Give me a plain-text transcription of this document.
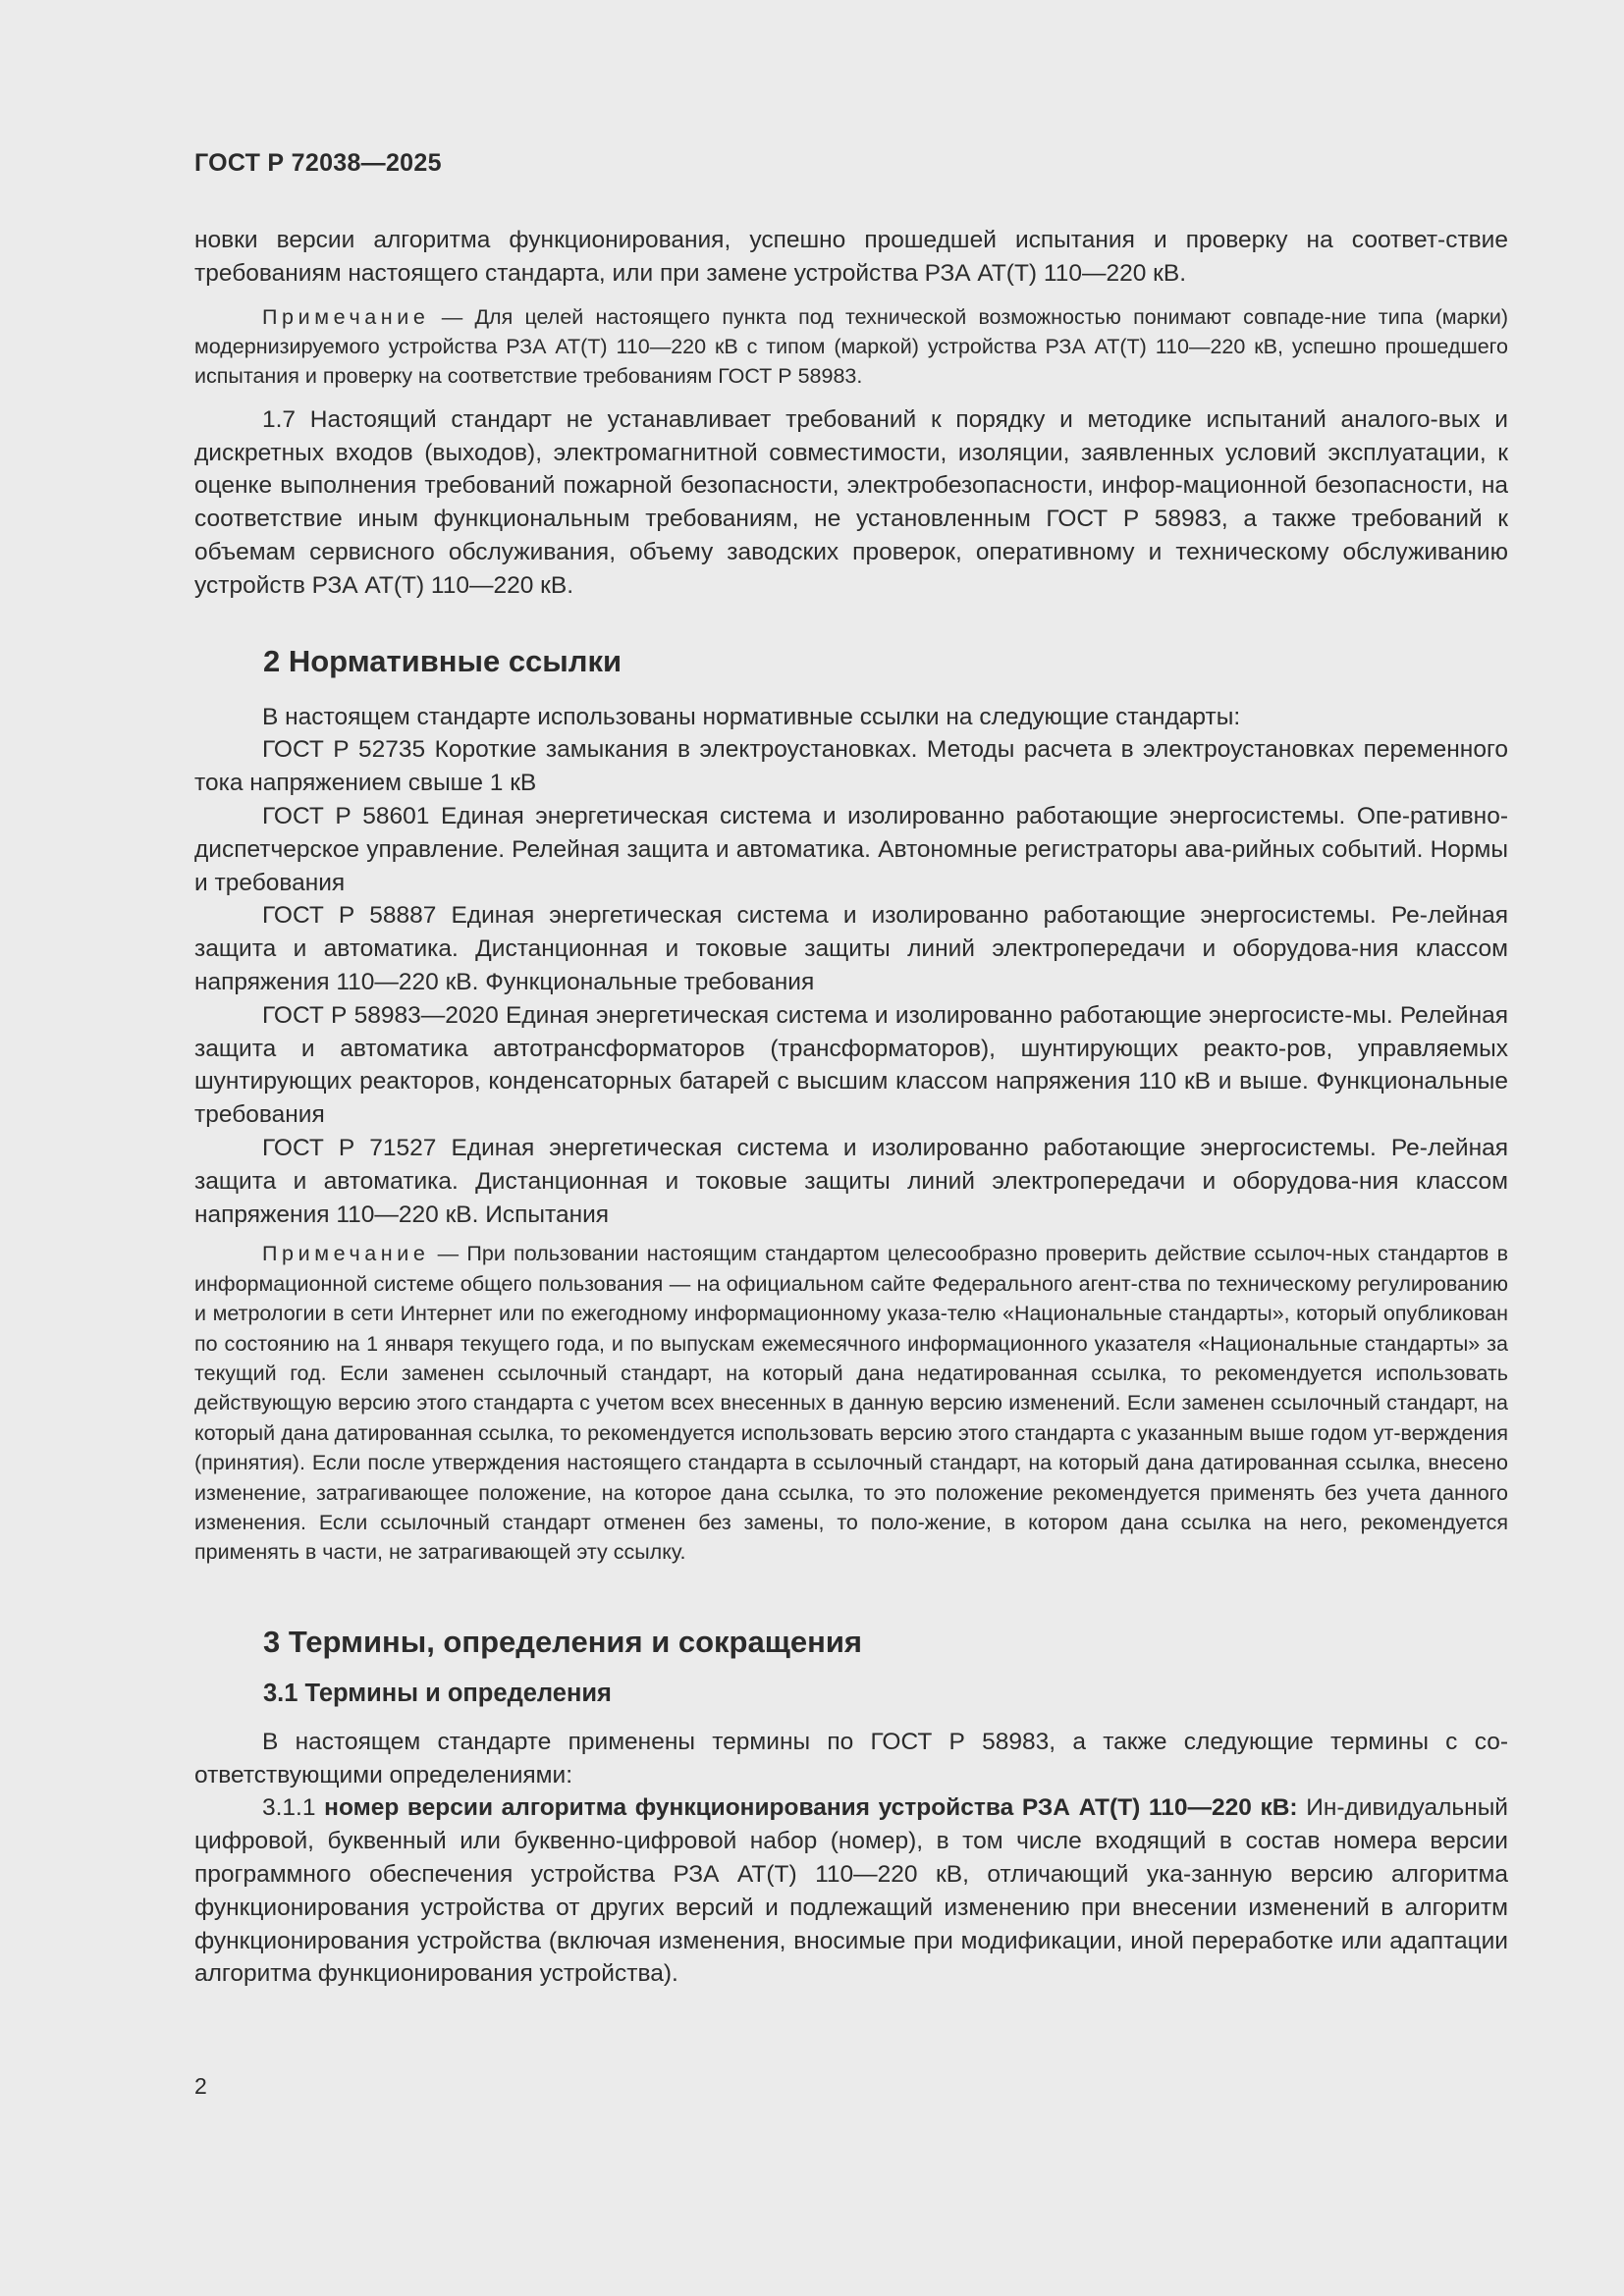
ГОСТ Р 72038—2025

новки версии алгоритма функционирования, успешно прошедшей испытания и проверку на соответ-ствие требованиям настоящего стандарта, или при замене устройства РЗА АТ(Т) 110—220 кВ.

Примечание — Для целей настоящего пункта под технической возможностью понимают совпаде-ние типа (марки) модернизируемого устройства РЗА АТ(Т) 110—220 кВ с типом (маркой) устройства РЗА АТ(Т) 110—220 кВ, успешно прошедшего испытания и проверку на соответствие требованиям ГОСТ Р 58983.

1.7 Настоящий стандарт не устанавливает требований к порядку и методике испытаний аналого-вых и дискретных входов (выходов), электромагнитной совместимости, изоляции, заявленных условий эксплуатации, к оценке выполнения требований пожарной безопасности, электробезопасности, инфор-мационной безопасности, на соответствие иным функциональным требованиям, не установленным ГОСТ Р 58983, а также требований к объемам сервисного обслуживания, объему заводских проверок, оперативному и техническому обслуживанию устройств РЗА АТ(Т) 110—220 кВ.

2 Нормативные ссылки

В настоящем стандарте использованы нормативные ссылки на следующие стандарты:

ГОСТ Р 52735 Короткие замыкания в электроустановках. Методы расчета в электроустановках переменного тока напряжением свыше 1 кВ

ГОСТ Р 58601 Единая энергетическая система и изолированно работающие энергосистемы. Опе-ративно-диспетчерское управление. Релейная защита и автоматика. Автономные регистраторы ава-рийных событий. Нормы и требования

ГОСТ Р 58887 Единая энергетическая система и изолированно работающие энергосистемы. Ре-лейная защита и автоматика. Дистанционная и токовые защиты линий электропередачи и оборудова-ния классом напряжения 110—220 кВ. Функциональные требования

ГОСТ Р 58983—2020 Единая энергетическая система и изолированно работающие энергосисте-мы. Релейная защита и автоматика автотрансформаторов (трансформаторов), шунтирующих реакто-ров, управляемых шунтирующих реакторов, конденсаторных батарей с высшим классом напряжения 110 кВ и выше. Функциональные требования

ГОСТ Р 71527 Единая энергетическая система и изолированно работающие энергосистемы. Ре-лейная защита и автоматика. Дистанционная и токовые защиты линий электропередачи и оборудова-ния классом напряжения 110—220 кВ. Испытания

Примечание — При пользовании настоящим стандартом целесообразно проверить действие ссылоч-ных стандартов в информационной системе общего пользования — на официальном сайте Федерального агент-ства по техническому регулированию и метрологии в сети Интернет или по ежегодному информационному указа-телю «Национальные стандарты», который опубликован по состоянию на 1 января текущего года, и по выпускам ежемесячного информационного указателя «Национальные стандарты» за текущий год. Если заменен ссылочный стандарт, на который дана недатированная ссылка, то рекомендуется использовать действующую версию этого стандарта с учетом всех внесенных в данную версию изменений. Если заменен ссылочный стандарт, на который дана датированная ссылка, то рекомендуется использовать версию этого стандарта с указанным выше годом ут-верждения (принятия). Если после утверждения настоящего стандарта в ссылочный стандарт, на который дана датированная ссылка, внесено изменение, затрагивающее положение, на которое дана ссылка, то это положение рекомендуется применять без учета данного изменения. Если ссылочный стандарт отменен без замены, то поло-жение, в котором дана ссылка на него, рекомендуется применять в части, не затрагивающей эту ссылку.

3 Термины, определения и сокращения
3.1 Термины и определения

В настоящем стандарте применены термины по ГОСТ Р 58983, а также следующие термины с со-ответствующими определениями:

3.1.1 номер версии алгоритма функционирования устройства РЗА АТ(Т) 110—220 кВ: Ин-дивидуальный цифровой, буквенный или буквенно-цифровой набор (номер), в том числе входящий в состав номера версии программного обеспечения устройства РЗА АТ(Т) 110—220 кВ, отличающий ука-занную версию алгоритма функционирования устройства от других версий и подлежащий изменению при внесении изменений в алгоритм функционирования устройства (включая изменения, вносимые при модификации, иной переработке или адаптации алгоритма функционирования устройства).

2
